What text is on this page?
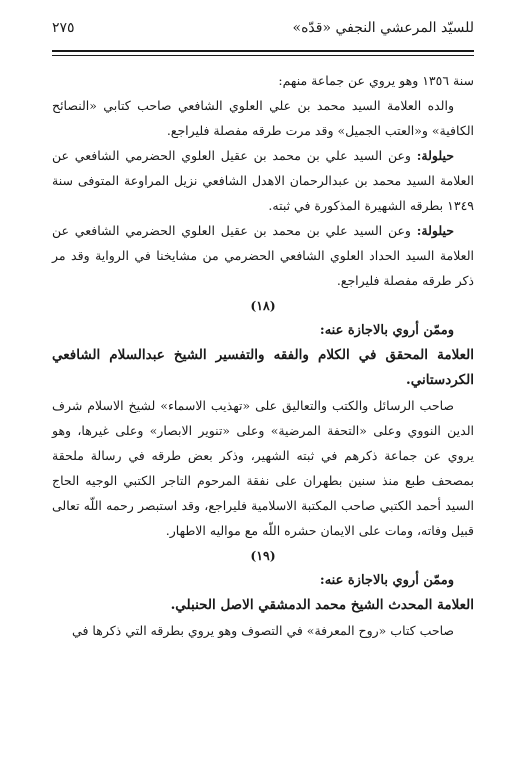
للسيّد المرعشي النجفي «قدّه»
٢٧٥

سنة ١٣٥٦ وهو يروي عن جماعة منهم:

والده العلامة السيد محمد بن علي العلوي الشافعي صاحب كتابي «النصائح الكافية» و«العتب الجميل» وقد مرت طرقه مفصلة فليراجع.

حيلولة: وعن السيد علي بن محمد بن عقيل العلوي الحضرمي الشافعي عن العلامة السيد محمد بن عبدالرحمان الاهدل الشافعي نزيل المراوعة المتوفى سنة ١٣٤٩ بطرقه الشهيرة المذكورة في ثبته.

حيلولة: وعن السيد علي بن محمد بن عقيل العلوي الحضرمي الشافعي عن العلامة السيد الحداد العلوي الشافعي الحضرمي من مشايخنا في الرواية وقد مر ذكر طرقه مفصلة فليراجع.

(١٨)

وممّن أروي بالاجازة عنه:

العلامة المحقق في الكلام والفقه والتفسير الشيخ عبدالسلام الشافعي الكردستاني.

صاحب الرسائل والكتب والتعاليق على «تهذيب الاسماء» لشيخ الاسلام شرف الدين النووي وعلى «التحفة المرضية» وعلى «تنوير الابصار» وعلى غيرها، وهو يروي عن جماعة ذكرهم في ثبته الشهير، وذكر بعض طرقه في رسالة ملحقة بمصحف طبع منذ سنين بطهران على نفقة المرحوم التاجر الكتبي الوجيه الحاج السيد أحمد الكتبي صاحب المكتبة الاسلامية فليراجع، وقد استبصر رحمه اللّه تعالى قبيل وفاته، ومات على الايمان حشره اللّه مع مواليه الاطهار.

(١٩)

وممّن أروي بالاجازة عنه:

العلامة المحدث الشيخ محمد الدمشقي الاصل الحنبلي.

صاحب كتاب «روح المعرفة» في التصوف وهو يروي بطرقه التي ذكرها في
